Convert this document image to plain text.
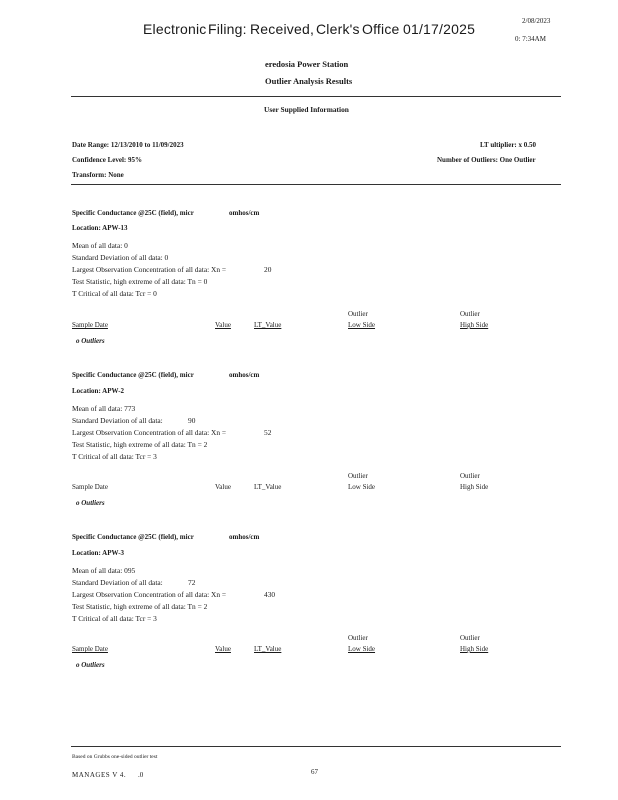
Electronic Filing: Received, Clerk's Office 01/17/2025	2/08/2023
0: 7:34AM
eredosia Power Station
Outlier Analysis Results
User Supplied Information
Date Range: 12/13/2010 to 11/09/2023	LT ultiplier: x 0.50
Confidence Level: 95%	Number of Outliers: One Outlier
Transform: None
Specific Conductance @25C (field), micr	omhos/cm
Location: APW-13
Mean of all data: 0
Standard Deviation of all data: 0
Largest Observation Concentration of all data: Xn =	20
Test Statistic, high extreme of all data: Tn = 0
T Critical of all data: Tcr = 0
Outlier	Outlier
Sample Date	Value	LT_Value	Low Side	High Side
o Outliers
Specific Conductance @25C (field), micr	omhos/cm
Location: APW-2
Mean of all data: 773
Standard Deviation of all data:	90
Largest Observation Concentration of all data: Xn =	52
Test Statistic, high extreme of all data: Tn = 2
T Critical of all data: Tcr = 3
Outlier	Outlier
Sample Date	Value	LT_Value	Low Side	High Side
o Outliers
Specific Conductance @25C (field), micr	omhos/cm
Location: APW-3
Mean of all data: 095
Standard Deviation of all data:	72
Largest Observation Concentration of all data: Xn =	430
Test Statistic, high extreme of all data: Tn = 2
T Critical of all data: Tcr = 3
Outlier	Outlier
Sample Date	Value	LT_Value	Low Side	High Side
o Outliers
Based on Grubbs one-sided outlier test
MANAGES V 4. .0	67
